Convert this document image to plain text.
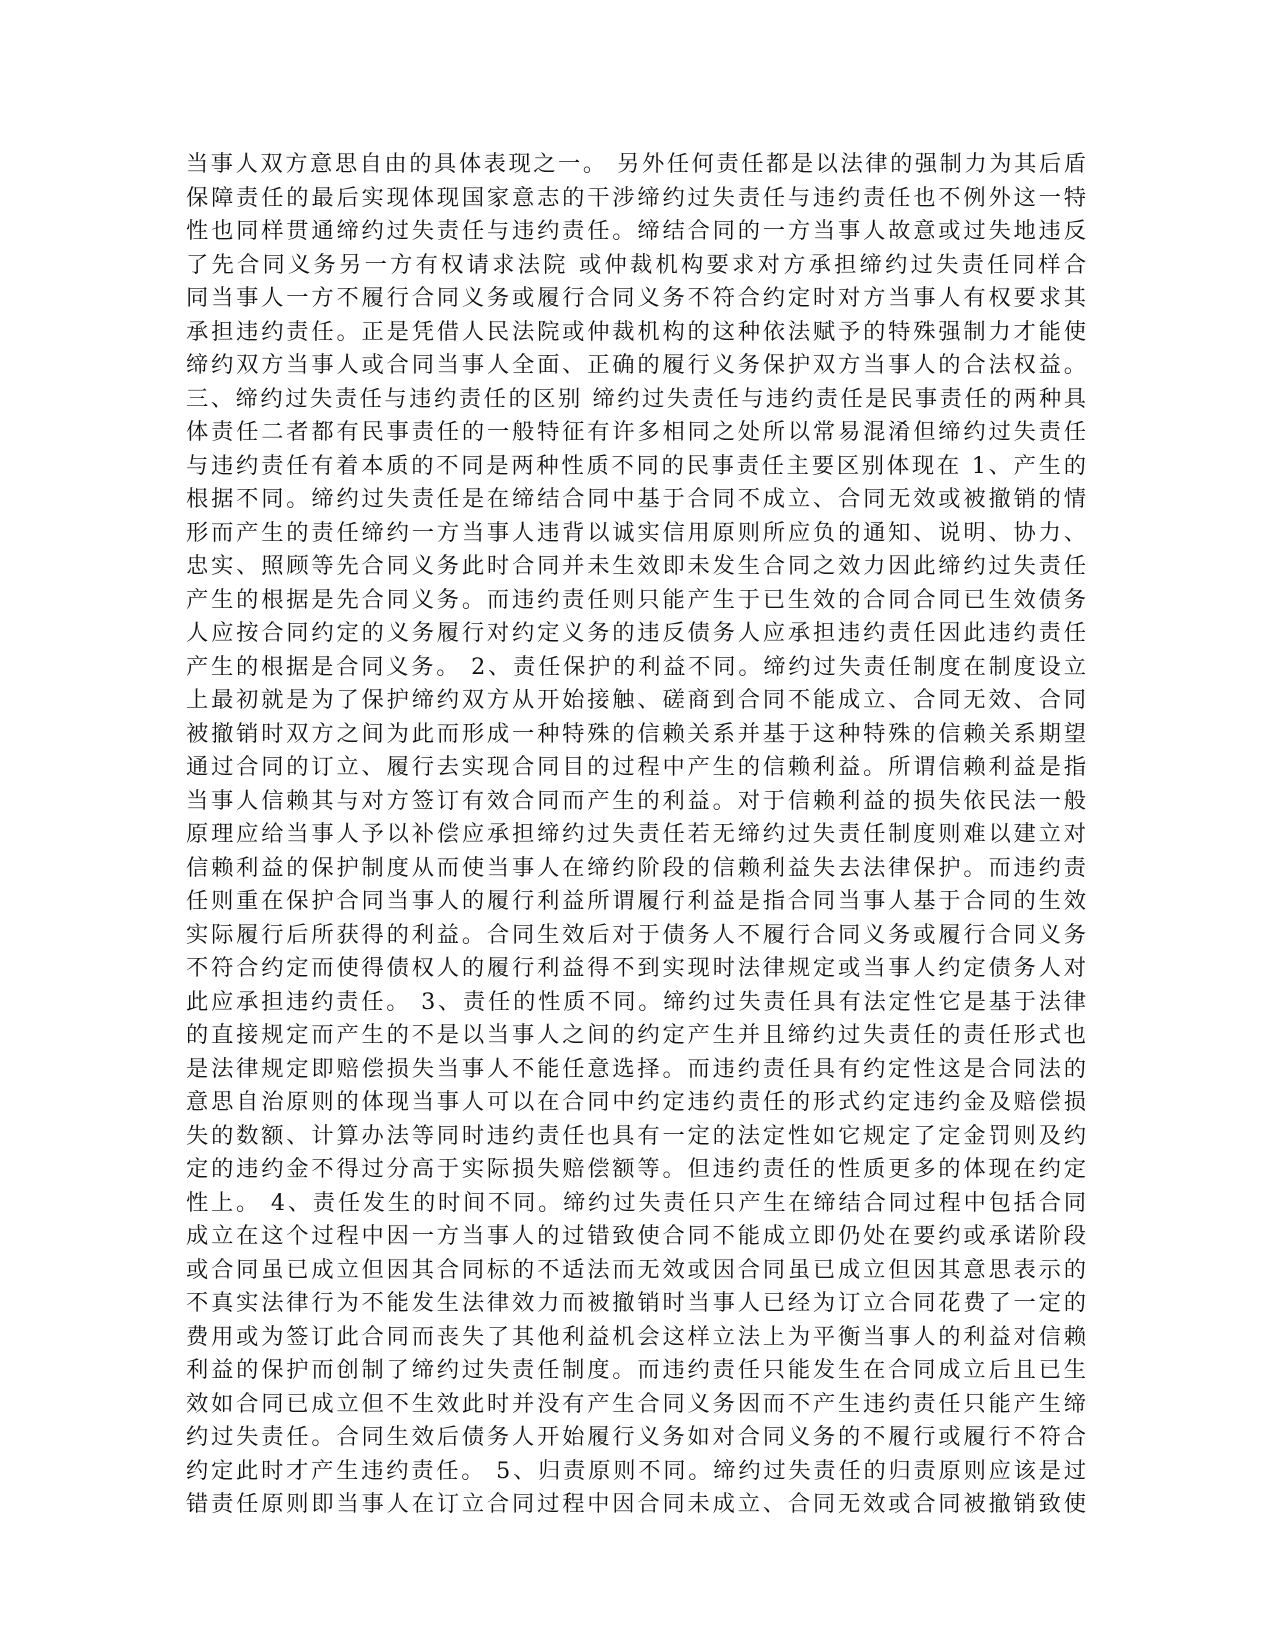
当事人双方意思自由的具体表现之一。 另外任何责任都是以法律的强制力为其后盾
保障责任的最后实现体现国家意志的干涉缔约过失责任与违约责任也不例外这一特
性也同样贯通缔约过失责任与违约责任。缔结合同的一方当事人故意或过失地违反
了先合同义务另一方有权请求法院 或仲裁机构要求对方承担缔约过失责任同样合
同当事人一方不履行合同义务或履行合同义务不符合约定时对方当事人有权要求其
承担违约责任。正是凭借人民法院或仲裁机构的这种依法赋予的特殊强制力才能使
缔约双方当事人或合同当事人全面、正确的履行义务保护双方当事人的合法权益。
三、缔约过失责任与违约责任的区别 缔约过失责任与违约责任是民事责任的两种具
体责任二者都有民事责任的一般特征有许多相同之处所以常易混淆但缔约过失责任
与违约责任有着本质的不同是两种性质不同的民事责任主要区别体现在 1、产生的
根据不同。缔约过失责任是在缔结合同中基于合同不成立、合同无效或被撤销的情
形而产生的责任缔约一方当事人违背以诚实信用原则所应负的通知、说明、协力、
忠实、照顾等先合同义务此时合同并未生效即未发生合同之效力因此缔约过失责任
产生的根据是先合同义务。而违约责任则只能产生于已生效的合同合同已生效债务
人应按合同约定的义务履行对约定义务的违反债务人应承担违约责任因此违约责任
产生的根据是合同义务。 2、责任保护的利益不同。缔约过失责任制度在制度设立
上最初就是为了保护缔约双方从开始接触、磋商到合同不能成立、合同无效、合同
被撤销时双方之间为此而形成一种特殊的信赖关系并基于这种特殊的信赖关系期望
通过合同的订立、履行去实现合同目的过程中产生的信赖利益。所谓信赖利益是指
当事人信赖其与对方签订有效合同而产生的利益。对于信赖利益的损失依民法一般
原理应给当事人予以补偿应承担缔约过失责任若无缔约过失责任制度则难以建立对
信赖利益的保护制度从而使当事人在缔约阶段的信赖利益失去法律保护。而违约责
任则重在保护合同当事人的履行利益所谓履行利益是指合同当事人基于合同的生效
实际履行后所获得的利益。合同生效后对于债务人不履行合同义务或履行合同义务
不符合约定而使得债权人的履行利益得不到实现时法律规定或当事人约定债务人对
此应承担违约责任。 3、责任的性质不同。缔约过失责任具有法定性它是基于法律
的直接规定而产生的不是以当事人之间的约定产生并且缔约过失责任的责任形式也
是法律规定即赔偿损失当事人不能任意选择。而违约责任具有约定性这是合同法的
意思自治原则的体现当事人可以在合同中约定违约责任的形式约定违约金及赔偿损
失的数额、计算办法等同时违约责任也具有一定的法定性如它规定了定金罚则及约
定的违约金不得过分高于实际损失赔偿额等。但违约责任的性质更多的体现在约定
性上。 4、责任发生的时间不同。缔约过失责任只产生在缔结合同过程中包括合同
成立在这个过程中因一方当事人的过错致使合同不能成立即仍处在要约或承诺阶段
或合同虽已成立但因其合同标的不适法而无效或因合同虽已成立但因其意思表示的
不真实法律行为不能发生法律效力而被撤销时当事人已经为订立合同花费了一定的
费用或为签订此合同而丧失了其他利益机会这样立法上为平衡当事人的利益对信赖
利益的保护而创制了缔约过失责任制度。而违约责任只能发生在合同成立后且已生
效如合同已成立但不生效此时并没有产生合同义务因而不产生违约责任只能产生缔
约过失责任。合同生效后债务人开始履行义务如对合同义务的不履行或履行不符合
约定此时才产生违约责任。 5、归责原则不同。缔约过失责任的归责原则应该是过
错责任原则即当事人在订立合同过程中因合同未成立、合同无效或合同被撤销致使
